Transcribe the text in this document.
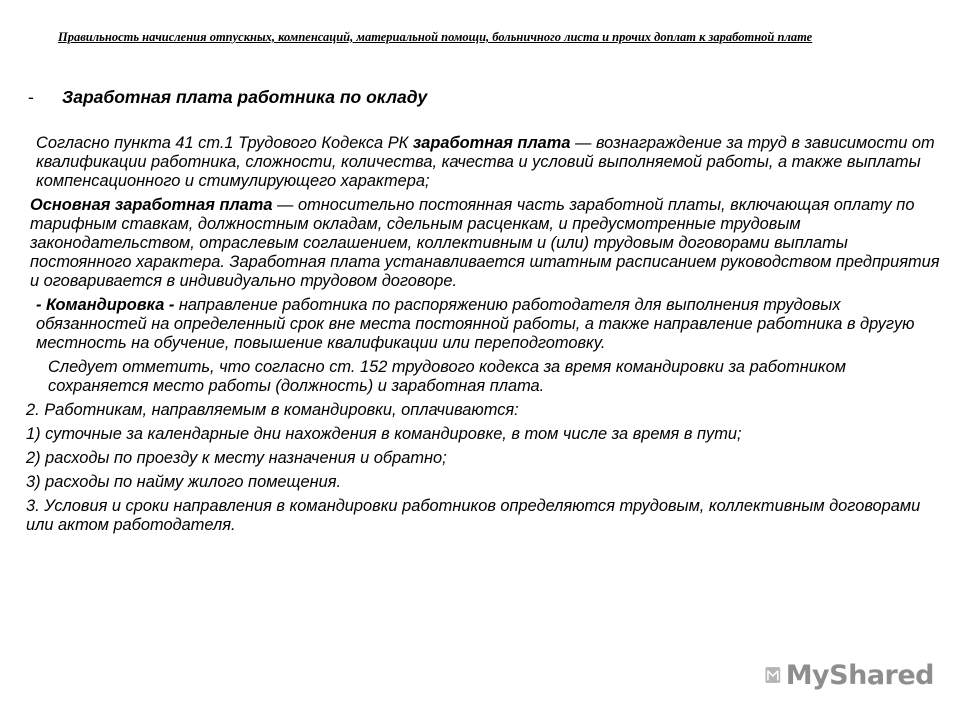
Правильность начисления отпускных, компенсаций, материальной помощи, больничного листа и прочих доплат к заработной плате
- Заработная плата работника по окладу

Согласно пункта 41 ст.1 Трудового Кодекса РК заработная плата — вознаграждение за труд в зависимости от квалификации работника, сложности, количества, качества и условий выполняемой работы, а также выплаты компенсационного и стимулирующего характера;

Основная заработная плата — относительно постоянная часть заработной платы, включающая оплату по тарифным ставкам, должностным окладам, сдельным расценкам, и предусмотренные трудовым законодательством, отраслевым соглашением, коллективным и (или) трудовым договорами выплаты постоянного характера. Заработная плата устанавливается штатным расписанием руководством предприятия и оговаривается в индивидуально трудовом договоре.

- Командировка - направление работника по распоряжению работодателя для выполнения трудовых обязанностей на определенный срок вне места постоянной работы, а также направление работника в другую местность на обучение, повышение квалификации или переподготовку.

Следует отметить, что согласно ст. 152 трудового кодекса за время командировки за работником сохраняется место работы (должность) и заработная плата.

2. Работникам, направляемым в командировки, оплачиваются:

1) суточные за календарные дни нахождения в командировке, в том числе за время в пути;

2) расходы по проезду к месту назначения и обратно;

3) расходы по найму жилого помещения.

3. Условия и сроки направления в командировки работников определяются трудовым, коллективным договорами или актом работодателя.

MyShared
